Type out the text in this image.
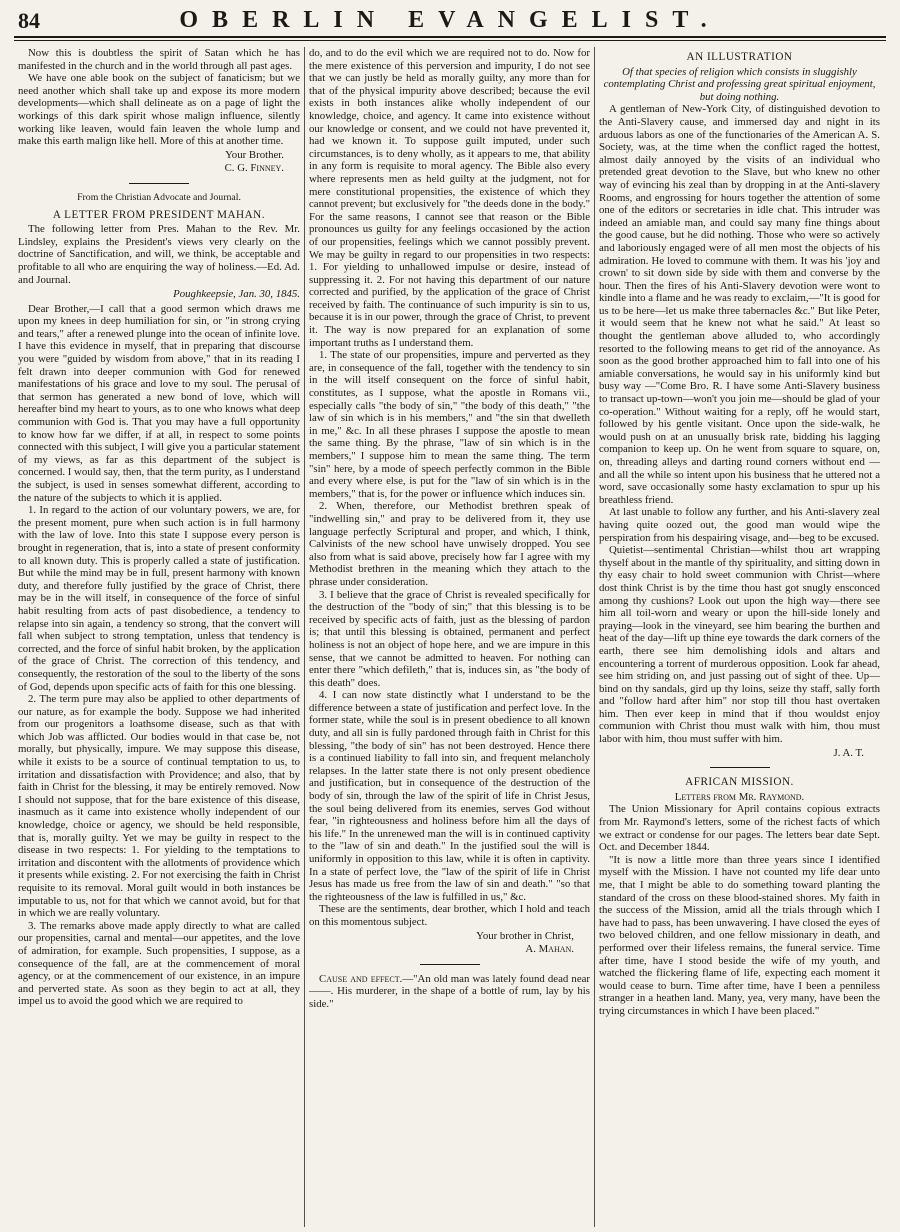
84	OBERLIN EVANGELIST.

Now this is doubtless the spirit of Satan which he has manifested in the church and in the world through all past ages.

We have one able book on the subject of fanaticism; but we need another which shall take up and expose its more modern developments—which shall delineate as on a page of light the workings of this dark spirit whose malign influence, silently working like leaven, would fain leaven the whole lump and make this earth malign like hell. More of this at another time.

Your Brother.
C. G. Finney.
From the Christian Advocate and Journal.
A LETTER FROM PRESIDENT MAHAN.

The following letter from Pres. Mahan to the Rev. Mr. Lindsley, explains the President's views very clearly on the doctrine of Sanctification, and will, we think, be acceptable and profitable to all who are enquiring the way of holiness.—Ed. Ad. and Journal.

Poughkeepsie, Jan. 30, 1845.

Dear Brother,—I call that a good sermon which draws me upon my knees in deep humiliation for sin, or "in strong crying and tears," after a renewed plunge into the ocean of infinite love. I have this evidence in myself, that in preparing that discourse you were "guided by wisdom from above," that in its reading I felt drawn into deeper communion with God for renewed manifestations of his grace and love to my soul. The perusal of that sermon has generated a new bond of love, which will hereafter bind my heart to yours, as to one who knows what deep communion with God is. That you may have a full opportunity to know how far we differ, if at all, in respect to some points connected with this subject, I will give you a particular statement of my views, as far as this department of the subject is concerned. I would say, then, that the term purity, as I understand the subject, is used in senses somewhat different, according to the nature of the subjects to which it is applied.

1. In regard to the action of our voluntary powers, we are, for the present moment, pure when such action is in full harmony with the law of love. Into this state I suppose every person is brought in regeneration, that is, into a state of present conformity to all known duty. This is properly called a state of justification. But while the mind may be in full, present harmony with known duty, and therefore fully justified by the grace of Christ, there may be in the will itself, in consequence of the force of sinful habit resulting from acts of past disobedience, a tendency to relapse into sin again, a tendency so strong, that the convert will fall when subject to strong temptation, unless that tendency is corrected, and the force of sinful habit broken, by the application of the grace of Christ. The correction of this tendency, and consequently, the restoration of the soul to the liberty of the sons of God, depends upon specific acts of faith for this one blessing.

2. The term pure may also be applied to other departments of our nature, as for example the body. Suppose we had inherited from our progenitors a loathsome disease, such as that with which Job was afflicted. Our bodies would in that case be, not morally, but physically, impure. We may suppose this disease, while it exists to be a source of continual temptation to us, to irritation and dissatisfaction with Providence; and also, that by faith in Christ for the blessing, it may be entirely removed. Now I should not suppose, that for the bare existence of this disease, inasmuch as it came into existence wholly independent of our knowledge, choice or agency, we should be held responsible, that is, morally guilty. Yet we may be guilty in respect to the disease in two respects: 1. For yielding to the temptations to irritation and discontent with the allotments of providence which it presents while existing. 2. For not exercising the faith in Christ requisite to its removal. Moral guilt would in both instances be imputable to us, not for that which we cannot avoid, but for that in which we are really voluntary.

3. The remarks above made apply directly to what are called our propensities, carnal and mental—our appetites, and the love of admiration, for example. Such propensities, I suppose, as a consequence of the fall, are at the commencement of moral agency, or at the commencement of our existence, in an impure and perverted state. As soon as they begin to act at all, they impel us to avoid the good which we are required to

do, and to do the evil which we are required not to do. Now for the mere existence of this perversion and impurity, I do not see that we can justly be held as morally guilty, any more than for that of the physical impurity above described; because the evil exists in both instances alike wholly independent of our knowledge, choice, and agency. It came into existence without our knowledge or consent, and we could not have prevented it, had we known it. To suppose guilt imputed, under such circumstances, is to deny wholly, as it appears to me, that ability in any form is requisite to moral agency. The Bible also every where represents men as held guilty at the judgment, not for mere constitutional propensities, the existence of which they cannot prevent; but exclusively for "the deeds done in the body." For the same reasons, I cannot see that reason or the Bible pronounces us guilty for any feelings occasioned by the action of our propensities, feelings which we cannot possibly prevent. We may be guilty in regard to our propensities in two respects: 1. For yielding to unhallowed impulse or desire, instead of suppressing it. 2. For not having this department of our nature corrected and purified, by the application of the grace of Christ received by faith. The continuance of such impurity is sin to us, because it is in our power, through the grace of Christ, to prevent it. The way is now prepared for an explanation of some important truths as I understand them.

1. The state of our propensities, impure and perverted as they are, in consequence of the fall, together with the tendency to sin in the will itself consequent on the force of sinful habit, constitutes, as I suppose, what the apostle in Romans vii., especially calls "the body of sin," "the body of this death," "the law of sin which is in his members," and "the sin that dwelleth in me," &c. In all these phrases I suppose the apostle to mean the same thing. By the phrase, "law of sin which is in the members," I suppose him to mean the same thing. The term "sin" here, by a mode of speech perfectly common in the Bible and every where else, is put for the "law of sin which is in the members," that is, for the power or influence which induces sin.

2. When, therefore, our Methodist brethren speak of "indwelling sin," and pray to be delivered from it, they use language perfectly Scriptural and proper, and which, I think, Calvinists of the new school have unwisely dropped. You see also from what is said above, precisely how far I agree with my Methodist brethren in the meaning which they attach to the phrase under consideration.

3. I believe that the grace of Christ is revealed specifically for the destruction of the "body of sin;" that this blessing is to be received by specific acts of faith, just as the blessing of pardon is; that until this blessing is obtained, permanent and perfect holiness is not an object of hope here, and we are impure in this sense, that we cannot be admitted to heaven. For nothing can enter there "which defileth," that is, induces sin, as "the body of this death" does.

4. I can now state distinctly what I understand to be the difference between a state of justification and perfect love. In the former state, while the soul is in present obedience to all known duty, and all sin is fully pardoned through faith in Christ for this blessing, "the body of sin" has not been destroyed. Hence there is a continued liability to fall into sin, and frequent melancholy relapses. In the latter state there is not only present obedience and justification, but in consequence of the destruction of the body of sin, through the law of the spirit of life in Christ Jesus, the soul being delivered from its enemies, serves God without fear, "in righteousness and holiness before him all the days of his life." In the unrenewed man the will is in continued captivity to the "law of sin and death." In the justified soul the will is uniformly in opposition to this law, while it is often in captivity. In a state of perfect love, the "law of the spirit of life in Christ Jesus has made us free from the law of sin and death." "so that the righteousness of the law is fulfilled in us," &c.

These are the sentiments, dear brother, which I hold and teach on this momentous subject.

Your brother in Christ,
A. Mahan.

Cause and effect.—"An old man was lately found dead near ——. His murderer, in the shape of a bottle of rum, lay by his side."

AN ILLUSTRATION
Of that species of religion which consists in sluggishly contemplating Christ and professing great spiritual enjoyment, but doing nothing.

A gentleman of New-York City, of distinguished devotion to the Anti-Slavery cause, and immersed day and night in its arduous labors as one of the functionaries of the American A. S. Society, was, at the time when the conflict raged the hottest, almost daily annoyed by the visits of an individual who pretended great devotion to the Slave, but who knew no other way of evincing his zeal than by dropping in at the Anti-slavery Rooms, and engrossing for hours together the attention of some one of the editors or secretaries in idle chat. This intruder was indeed an amiable man, and could say many fine things about the good cause, but he did nothing. Those who were so actively and laboriously engaged were of all men most the objects of his admiration. He loved to commune with them. It was his 'joy and crown' to sit down side by side with them and converse by the hour. Then the fires of his Anti-Slavery devotion were wont to kindle into a flame and he was ready to exclaim,—"It is good for us to be here—let us make three tabernacles &c." But like Peter, it would seem that he knew not what he said." At least so thought the gentleman above alluded to, who accordingly resorted to the following means to get rid of the annoyance. As soon as the good brother approached him to fall into one of his amiable conversations, he would say in his uniformly kind but busy way —"Come Bro. R. I have some Anti-Slavery business to transact up-town—won't you join me—should be glad of your co-operation." Without waiting for a reply, off he would start, followed by his gentle visitant. Once upon the side-walk, he would push on at an unusually brisk rate, bidding his lagging companion to keep up. On he went from square to square, on, on, threading alleys and darting round corners without end —and all the while so intent upon his business that he uttered not a word, save occasionally some hasty exclamation to spur up his breathless friend.

At last unable to follow any further, and his Anti-slavery zeal having quite oozed out, the good man would wipe the perspiration from his despairing visage, and—beg to be excused.

Quietist—sentimental Christian—whilst thou art wrapping thyself about in the mantle of thy spirituality, and sitting down in thy easy chair to hold sweet communion with Christ—where dost think Christ is by the time thou hast got snugly ensconced among thy cushions? Look out upon the high way—there see him all toil-worn and weary or upon the hill-side lonely and praying—look in the vineyard, see him bearing the burthen and heat of the day—lift up thine eye towards the dark corners of the earth, there see him demolishing idols and altars and encountering a torrent of murderous opposition. Look far ahead, see him striding on, and just passing out of sight of thee. Up—bind on thy sandals, gird up thy loins, seize thy staff, sally forth and "follow hard after him" nor stop till thou hast overtaken him. Then ever keep in mind that if thou wouldst enjoy communion with Christ thou must walk with him, thou must labor with him, thou must suffer with him.

J. A. T.
AFRICAN MISSION.
Letters from Mr. Raymond.

The Union Missionary for April contains copious extracts from Mr. Raymond's letters, some of the richest facts of which we extract or condense for our pages. The letters bear date Sept. Oct. and December 1844.

"It is now a little more than three years since I identified myself with the Mission. I have not counted my life dear unto me, that I might be able to do something toward planting the standard of the cross on these blood-stained shores. My faith in the success of the Mission, amid all the trials through which I have had to pass, has been unwavering. I have closed the eyes of two beloved children, and one fellow missionary in death, and performed over their lifeless remains, the funeral service. Time after time, have I stood beside the wife of my youth, and watched the flickering flame of life, expecting each moment it would cease to burn. Time after time, have I been a penniless stranger in a heathen land. Many, yea, very many, have been the trying circumstances in which I have been placed."
